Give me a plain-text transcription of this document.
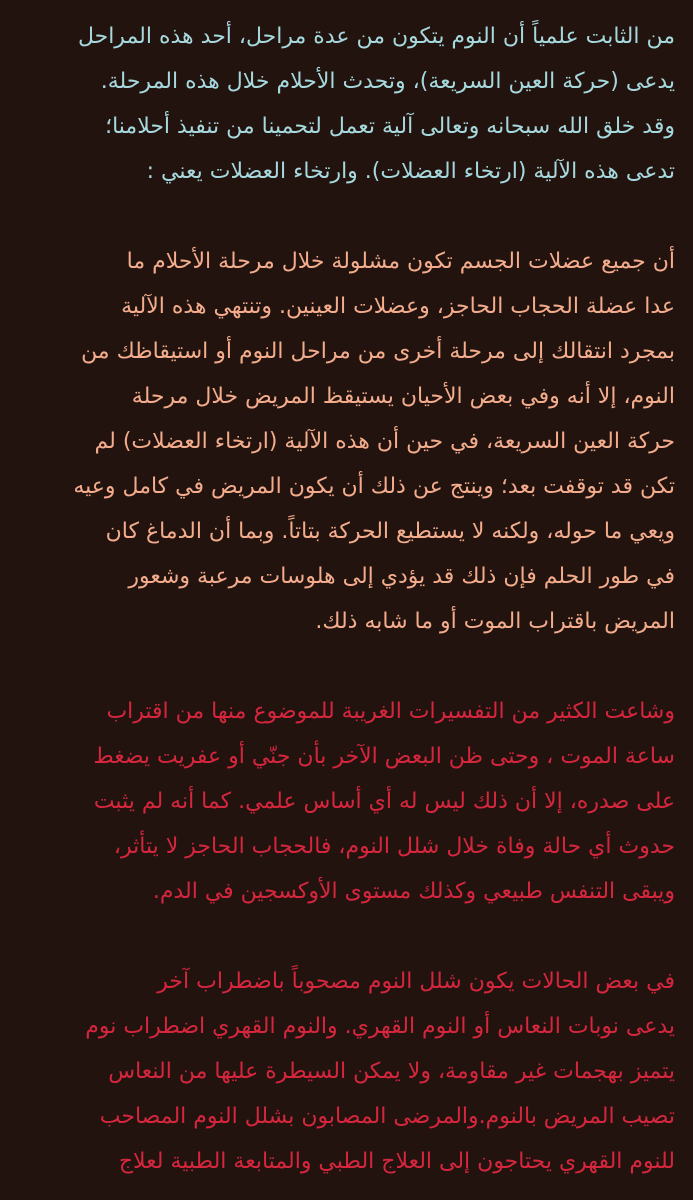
من الثابت علمياً أن النوم يتكون من عدة مراحل، أحد هذه المراحل
يدعى (حركة العين السريعة)، وتحدث الأحلام خلال هذه المرحلة.
وقد خلق الله سبحانه وتعالى آلية تعمل لتحمينا من تنفيذ أحلامنا؛
تدعى هذه الآلية (ارتخاء العضلات). وارتخاء العضلات يعني :
أن جميع عضلات الجسم تكون مشلولة خلال مرحلة الأحلام ما
عدا عضلة الحجاب الحاجز، وعضلات العينين. وتنتهي هذه الآلية
بمجرد انتقالك إلى مرحلة أخرى من مراحل النوم أو استيقاظك من
النوم، إلا أنه وفي بعض الأحيان يستيقظ المريض خلال مرحلة
حركة العين السريعة، في حين أن هذه الآلية (ارتخاء العضلات) لم
تكن قد توقفت بعد؛ وينتج عن ذلك أن يكون المريض في كامل وعيه
ويعي ما حوله، ولكنه لا يستطيع الحركة بتاتاً. وبما أن الدماغ كان
في طور الحلم فإن ذلك قد يؤدي إلى هلوسات مرعبة وشعور
المريض باقتراب الموت أو ما شابه ذلك.
وشاعت الكثير من التفسيرات الغريبة للموضوع منها من اقتراب
ساعة الموت ، وحتى ظن البعض الآخر بأن جنّي أو عفريت يضغط
على صدره، إلا أن ذلك ليس له أي أساس علمي. كما أنه لم يثبت
حدوث أي حالة وفاة خلال شلل النوم، فالحجاب الحاجز لا يتأثر،
ويبقى التنفس طبيعي وكذلك مستوى الأوكسجين في الدم.
في بعض الحالات يكون شلل النوم مصحوباً باضطراب آخر
يدعى نوبات النعاس أو النوم القهري. والنوم القهري اضطراب نوم
يتميز بهجمات غير مقاومة، ولا يمكن السيطرة عليها من النعاس
تصيب المريض بالنوم.والمرضى المصابون بشلل النوم المصاحب
للنوم القهري يحتاجون إلى العلاج الطبي والمتابعة الطبية لعلاج
